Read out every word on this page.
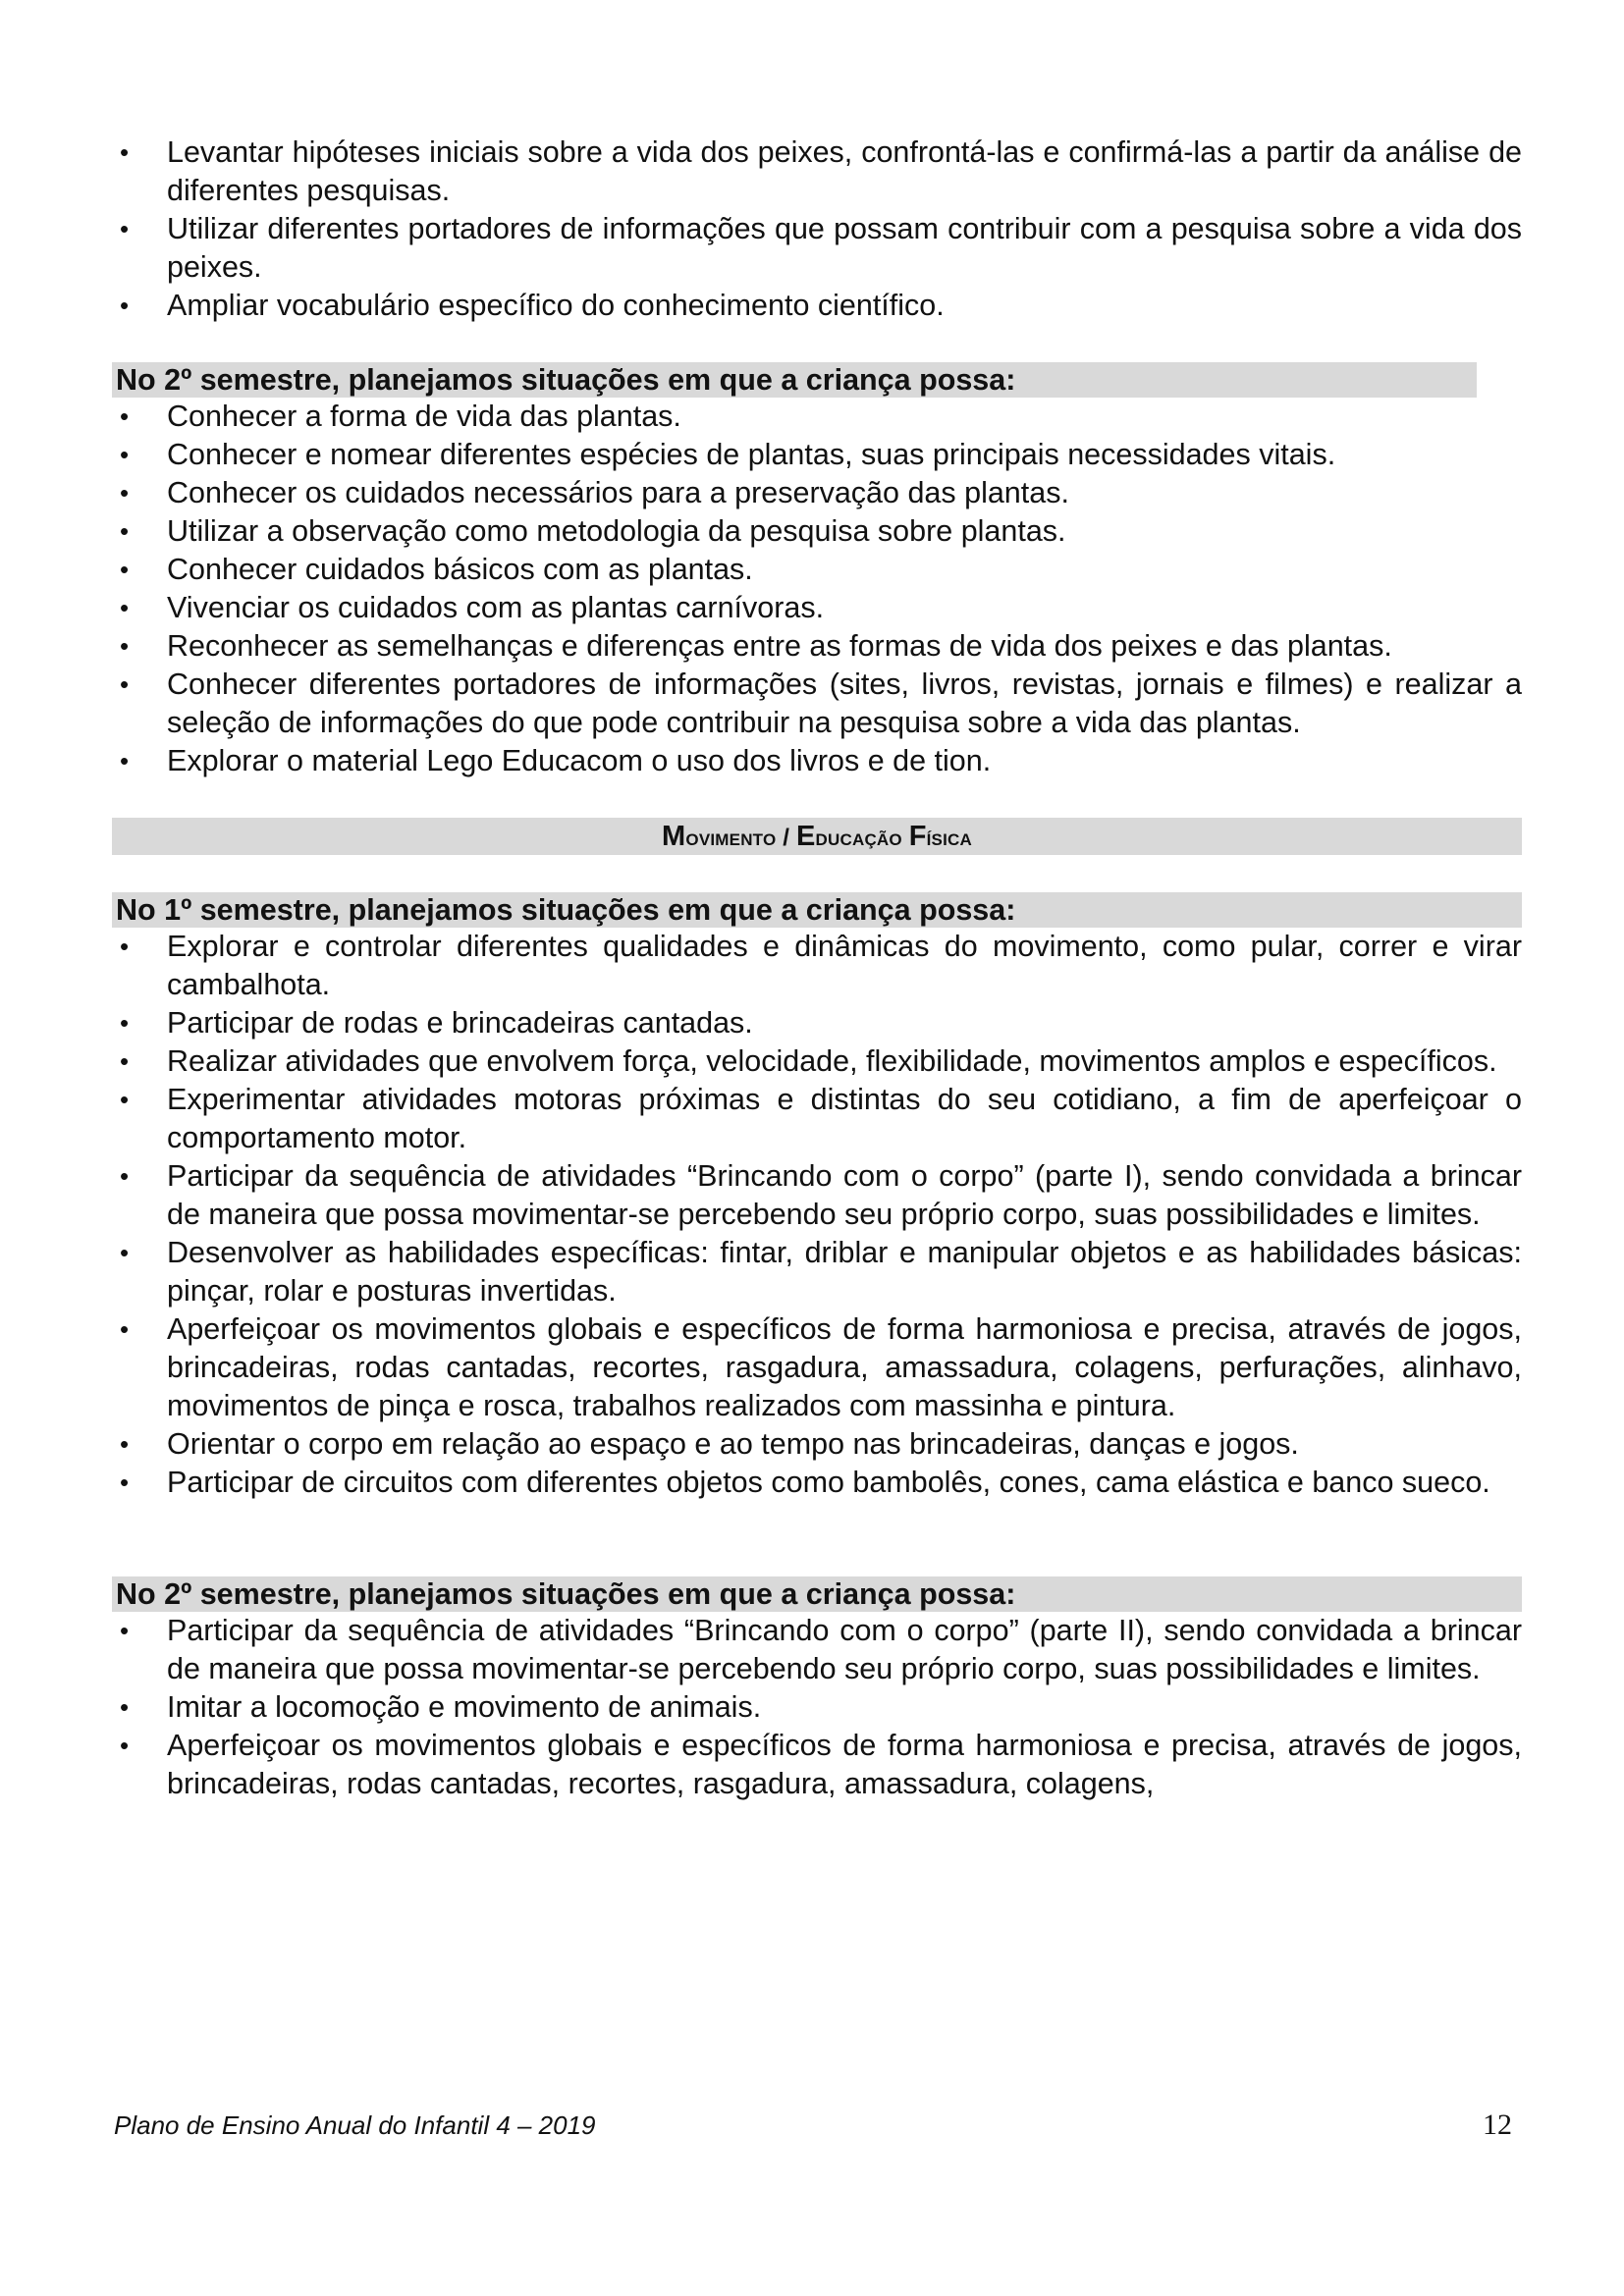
• Levantar hipóteses iniciais sobre a vida dos peixes, confrontá-las e confirmá-las a partir da análise de diferentes pesquisas.
• Utilizar diferentes portadores de informações que possam contribuir com a pesquisa sobre a vida dos peixes.
• Ampliar vocabulário específico do conhecimento científico.
No 2º semestre, planejamos situações em que a criança possa:
• Conhecer a forma de vida das plantas.
• Conhecer e nomear diferentes espécies de plantas, suas principais necessidades vitais.
• Conhecer os cuidados necessários para a preservação das plantas.
• Utilizar a observação como metodologia da pesquisa sobre plantas.
• Conhecer cuidados básicos com as plantas.
• Vivenciar os cuidados com as plantas carnívoras.
• Reconhecer as semelhanças e diferenças entre as formas de vida dos peixes e das plantas.
• Conhecer diferentes portadores de informações (sites, livros, revistas, jornais e filmes) e realizar a seleção de informações do que pode contribuir na pesquisa sobre a vida das plantas.
• Explorar o material Lego Educacom o uso dos livros e de tion.
Movimento / Educação Física
No 1º semestre, planejamos situações em que a criança possa:
• Explorar e controlar diferentes qualidades e dinâmicas do movimento, como pular, correr e virar cambalhota.
• Participar de rodas e brincadeiras cantadas.
• Realizar atividades que envolvem força, velocidade, flexibilidade, movimentos amplos e específicos.
• Experimentar atividades motoras próximas e distintas do seu cotidiano, a fim de aperfeiçoar o comportamento motor.
• Participar da sequência de atividades “Brincando com o corpo” (parte I), sendo convidada a brincar de maneira que possa movimentar-se percebendo seu próprio corpo, suas possibilidades e limites.
• Desenvolver as habilidades específicas: fintar, driblar e manipular objetos e as habilidades básicas: pinçar, rolar e posturas invertidas.
• Aperfeiçoar os movimentos globais e específicos de forma harmoniosa e precisa, através de jogos, brincadeiras, rodas cantadas, recortes, rasgadura, amassadura, colagens, perfurações, alinhavo, movimentos de pinça e rosca, trabalhos realizados com massinha e pintura.
• Orientar o corpo em relação ao espaço e ao tempo nas brincadeiras, danças e jogos.
• Participar de circuitos com diferentes objetos como bambolês, cones, cama elástica e banco sueco.
No 2º semestre, planejamos situações em que a criança possa:
• Participar da sequência de atividades “Brincando com o corpo” (parte II), sendo convidada a brincar de maneira que possa movimentar-se percebendo seu próprio corpo, suas possibilidades e limites.
• Imitar a locomoção e movimento de animais.
• Aperfeiçoar os movimentos globais e específicos de forma harmoniosa e precisa, através de jogos, brincadeiras, rodas cantadas, recortes, rasgadura, amassadura, colagens,
Plano de Ensino Anual do Infantil 4 – 2019	12
